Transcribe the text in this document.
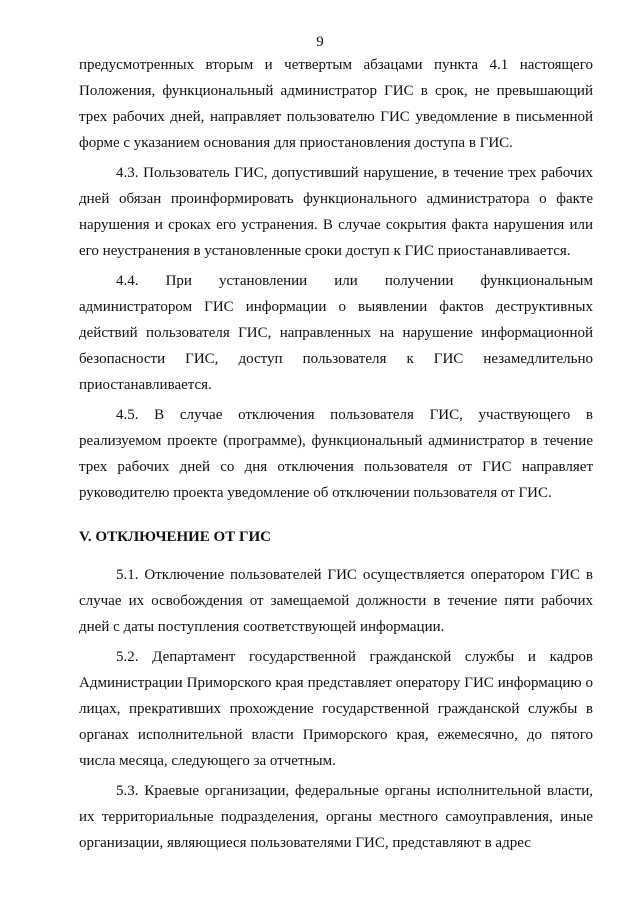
9

предусмотренных вторым и четвертым абзацами пункта 4.1 настоящего Положения, функциональный администратор ГИС в срок, не превышающий трех рабочих дней, направляет пользователю ГИС уведомление в письменной форме с указанием основания для приостановления доступа в ГИС.

4.3. Пользователь ГИС, допустивший нарушение, в течение трех рабочих дней обязан проинформировать функционального администратора о факте нарушения и сроках его устранения. В случае сокрытия факта нарушения или его неустранения в установленные сроки доступ к ГИС приостанавливается.

4.4. При установлении или получении функциональным администратором ГИС информации о выявлении фактов деструктивных действий пользователя ГИС, направленных на нарушение информационной безопасности ГИС, доступ пользователя к ГИС незамедлительно приостанавливается.

4.5. В случае отключения пользователя ГИС, участвующего в реализуемом проекте (программе), функциональный администратор в течение трех рабочих дней со дня отключения пользователя от ГИС направляет руководителю проекта уведомление об отключении пользователя от ГИС.

V. ОТКЛЮЧЕНИЕ ОТ ГИС

5.1. Отключение пользователей ГИС осуществляется оператором ГИС в случае их освобождения от замещаемой должности в течение пяти рабочих дней с даты поступления соответствующей информации.

5.2. Департамент государственной гражданской службы и кадров Администрации Приморского края представляет оператору ГИС информацию о лицах, прекративших прохождение государственной гражданской службы в органах исполнительной власти Приморского края, ежемесячно, до пятого числа месяца, следующего за отчетным.

5.3. Краевые организации, федеральные органы исполнительной власти, их территориальные подразделения, органы местного самоуправления, иные организации, являющиеся пользователями ГИС, представляют в адрес
